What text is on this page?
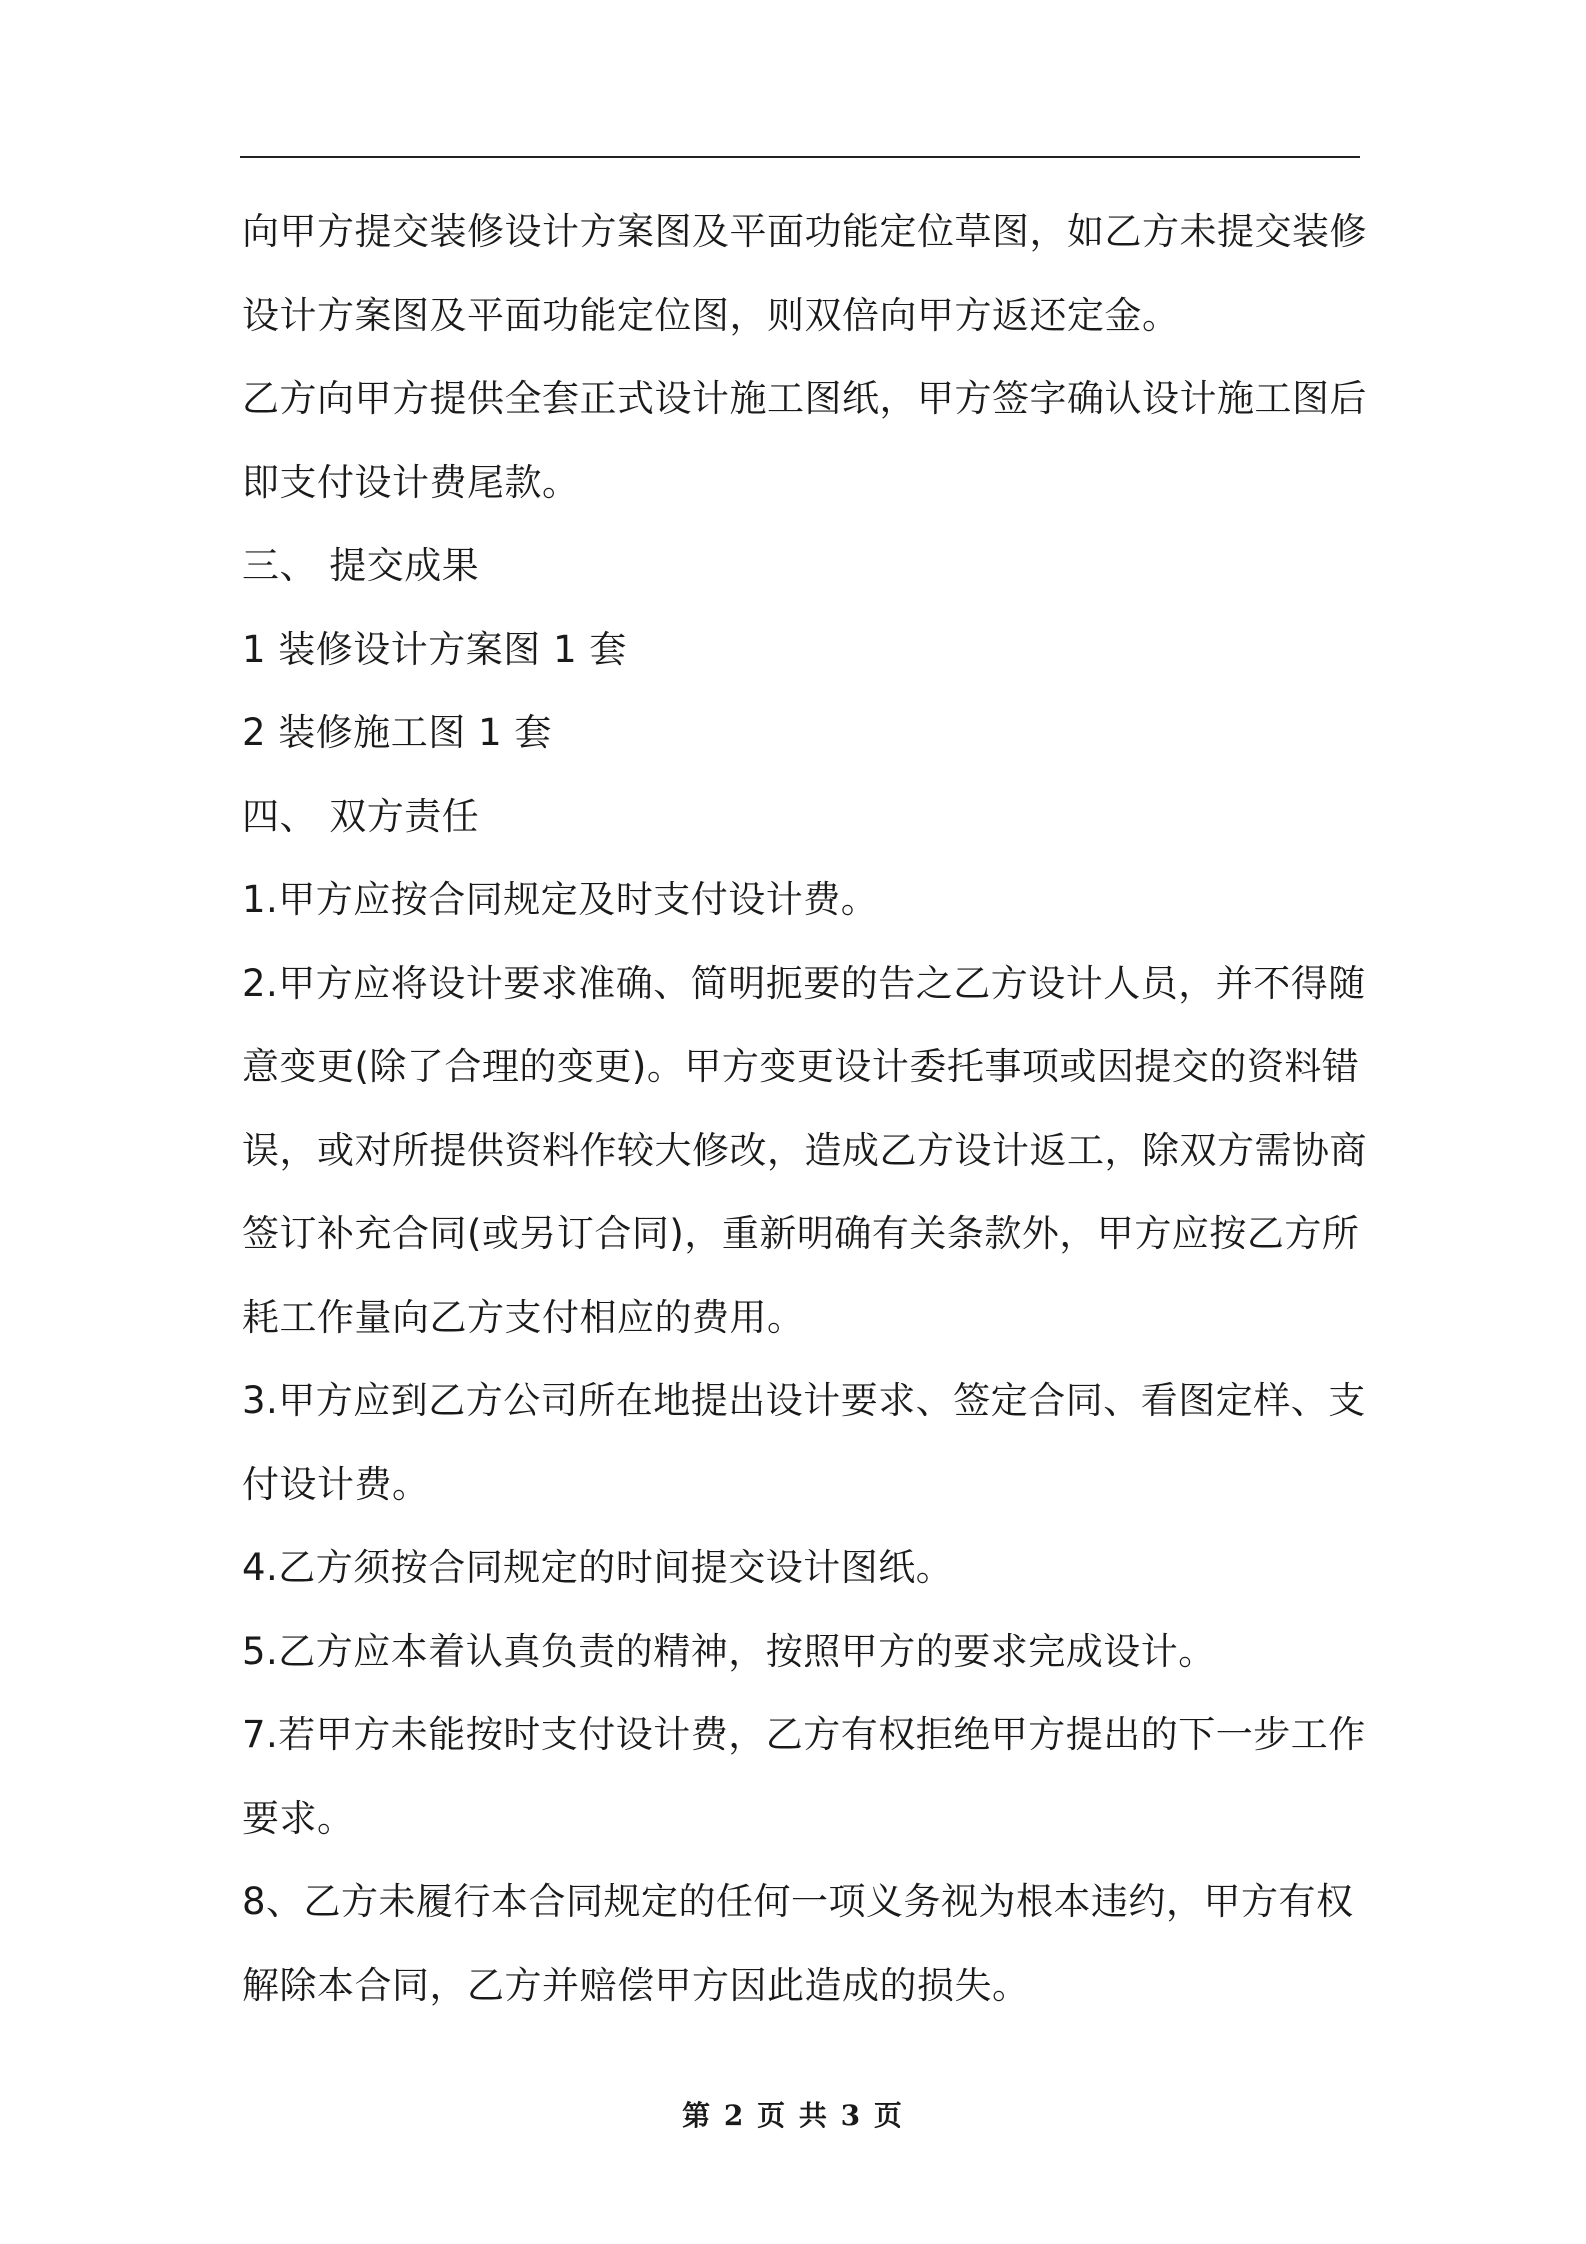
向甲方提交装修设计方案图及平面功能定位草图，如乙方未提交装修

设计方案图及平面功能定位图，则双倍向甲方返还定金。

乙方向甲方提供全套正式设计施工图纸，甲方签字确认设计施工图后

即支付设计费尾款。

三、 提交成果

1 装修设计方案图 1 套

2 装修施工图 1 套

四、 双方责任

1.甲方应按合同规定及时支付设计费。

2.甲方应将设计要求准确、简明扼要的告之乙方设计人员，并不得随

意变更(除了合理的变更)。甲方变更设计委托事项或因提交的资料错

误，或对所提供资料作较大修改，造成乙方设计返工，除双方需协商

签订补充合同(或另订合同)，重新明确有关条款外，甲方应按乙方所

耗工作量向乙方支付相应的费用。

3.甲方应到乙方公司所在地提出设计要求、签定合同、看图定样、支

付设计费。

4.乙方须按合同规定的时间提交设计图纸。

5.乙方应本着认真负责的精神，按照甲方的要求完成设计。

7.若甲方未能按时支付设计费，乙方有权拒绝甲方提出的下一步工作

要求。

8、乙方未履行本合同规定的任何一项义务视为根本违约，甲方有权

解除本合同，乙方并赔偿甲方因此造成的损失。

第 2 页 共 3 页
